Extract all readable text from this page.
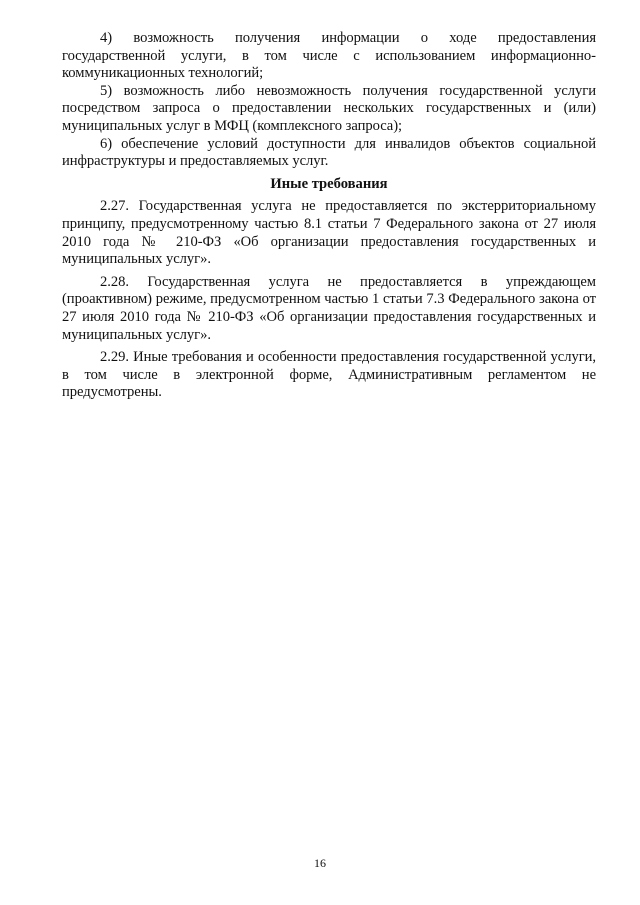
4) возможность получения информации о ходе предоставления государственной услуги, в том числе с использованием информационно-коммуникационных технологий;

5) возможность либо невозможность получения государственной услуги посредством запроса о предоставлении нескольких государственных и (или) муниципальных услуг в МФЦ (комплексного запроса);

6) обеспечение условий доступности для инвалидов объектов социальной инфраструктуры и предоставляемых услуг.

Иные требования

2.27. Государственная услуга не предоставляется по экстерриториальному принципу, предусмотренному частью 8.1 статьи 7 Федерального закона от 27 июля 2010 года № 210-ФЗ «Об организации предоставления государственных и муниципальных услуг».

2.28. Государственная услуга не предоставляется в упреждающем (проактивном) режиме, предусмотренном частью 1 статьи 7.3 Федерального закона от 27 июля 2010 года № 210-ФЗ «Об организации предоставления государственных и муниципальных услуг».

2.29. Иные требования и особенности предоставления государственной услуги, в том числе в электронной форме, Административным регламентом не предусмотрены.

16
